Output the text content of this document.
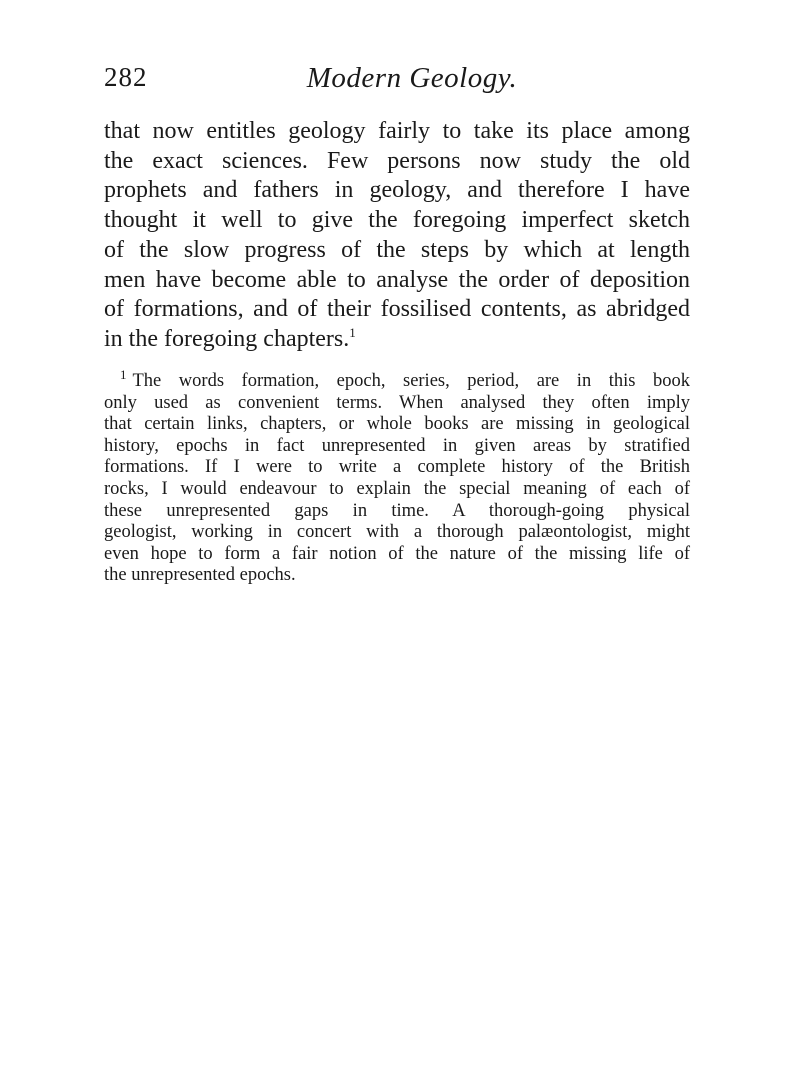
282	Modern Geology.
that now entitles geology fairly to take its place among
the exact sciences. Few persons now study the old
prophets and fathers in geology, and therefore I have
thought it well to give the foregoing imperfect sketch
of the slow progress of the steps by which at length
men have become able to analyse the order of deposition
of formations, and of their fossilised contents, as abridged
in the foregoing chapters.$^1$
$^1$ The words formation, epoch, series, period, are in this book
only used as convenient terms. When analysed they often imply
that certain links, chapters, or whole books are missing in geological
history, epochs in fact unrepresented in given areas by stratified
formations. If I were to write a complete history of the British
rocks, I would endeavour to explain the special meaning of each of
these unrepresented gaps in time. A thorough-going physical
geologist, working in concert with a thorough palæontologist, might
even hope to form a fair notion of the nature of the missing life of
the unrepresented epochs.
